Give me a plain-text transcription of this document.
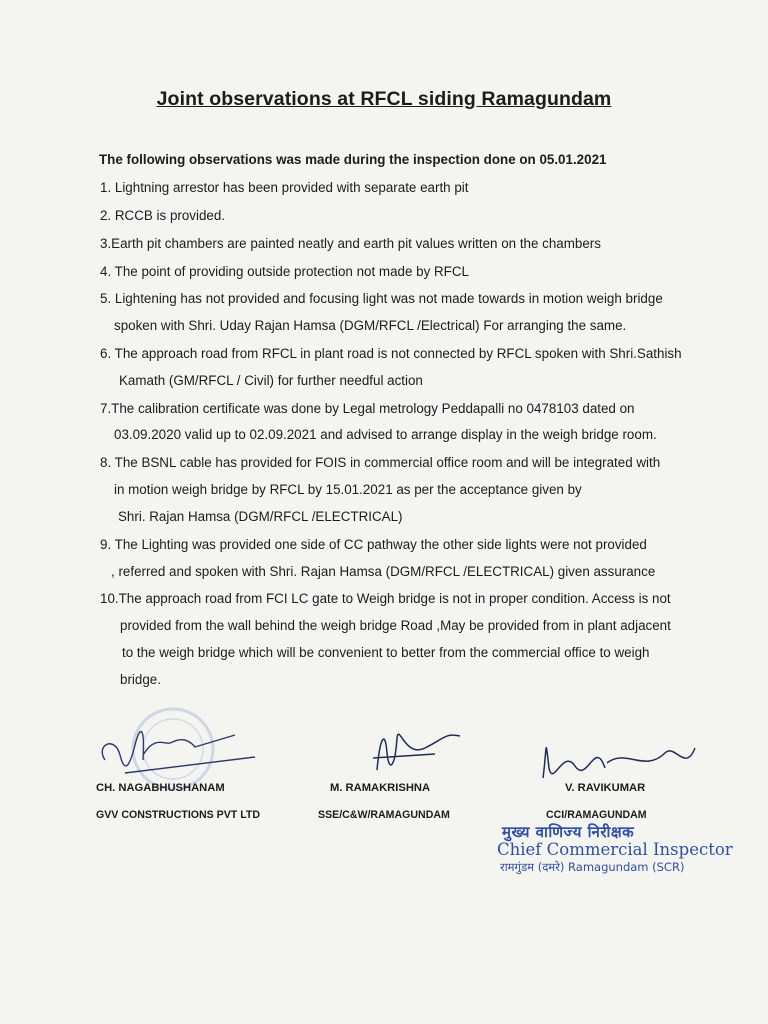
Joint observations at RFCL siding Ramagundam
The following observations was made during the inspection done on 05.01.2021
1. Lightning arrestor has been provided with separate earth pit
2. RCCB is provided.
3.Earth pit chambers are painted neatly and earth pit values written on the chambers
4. The point of providing outside protection not made by RFCL
5. Lightening has not provided and focusing light was not made towards in motion weigh bridge
spoken with Shri. Uday Rajan Hamsa (DGM/RFCL /Electrical) For arranging the same.
6. The approach road from RFCL in plant road is not connected by RFCL spoken with Shri.Sathish
Kamath (GM/RFCL / Civil) for further needful action
7.The calibration certificate was done by Legal metrology Peddapalli no 0478103 dated on
03.09.2020 valid up to 02.09.2021 and advised to arrange display in the weigh bridge room.
8. The BSNL cable has provided for FOIS in commercial office room and will be integrated with
in motion weigh bridge by RFCL by 15.01.2021 as per the acceptance given by
Shri. Rajan Hamsa (DGM/RFCL /ELECTRICAL)
9. The Lighting was provided one side of CC pathway the other side lights were not provided
, referred and spoken with Shri. Rajan Hamsa (DGM/RFCL /ELECTRICAL) given assurance
10.The approach road from FCI LC gate to Weigh bridge is not in proper condition. Access is not
provided from the wall behind the weigh bridge Road ,May be provided from in plant adjacent
to the weigh bridge which will be convenient to better from the commercial office to weigh
bridge.
CH. NAGABHUSHANAM
GVV CONSTRUCTIONS PVT LTD
M. RAMAKRISHNA
SSE/C&W/RAMAGUNDAM
V. RAVIKUMAR
CCI/RAMAGUNDAM
मुख्य वाणिज्य निरीक्षक
Chief Commercial Inspector
रामगुंडम (दमरे) Ramagundam (SCR)
